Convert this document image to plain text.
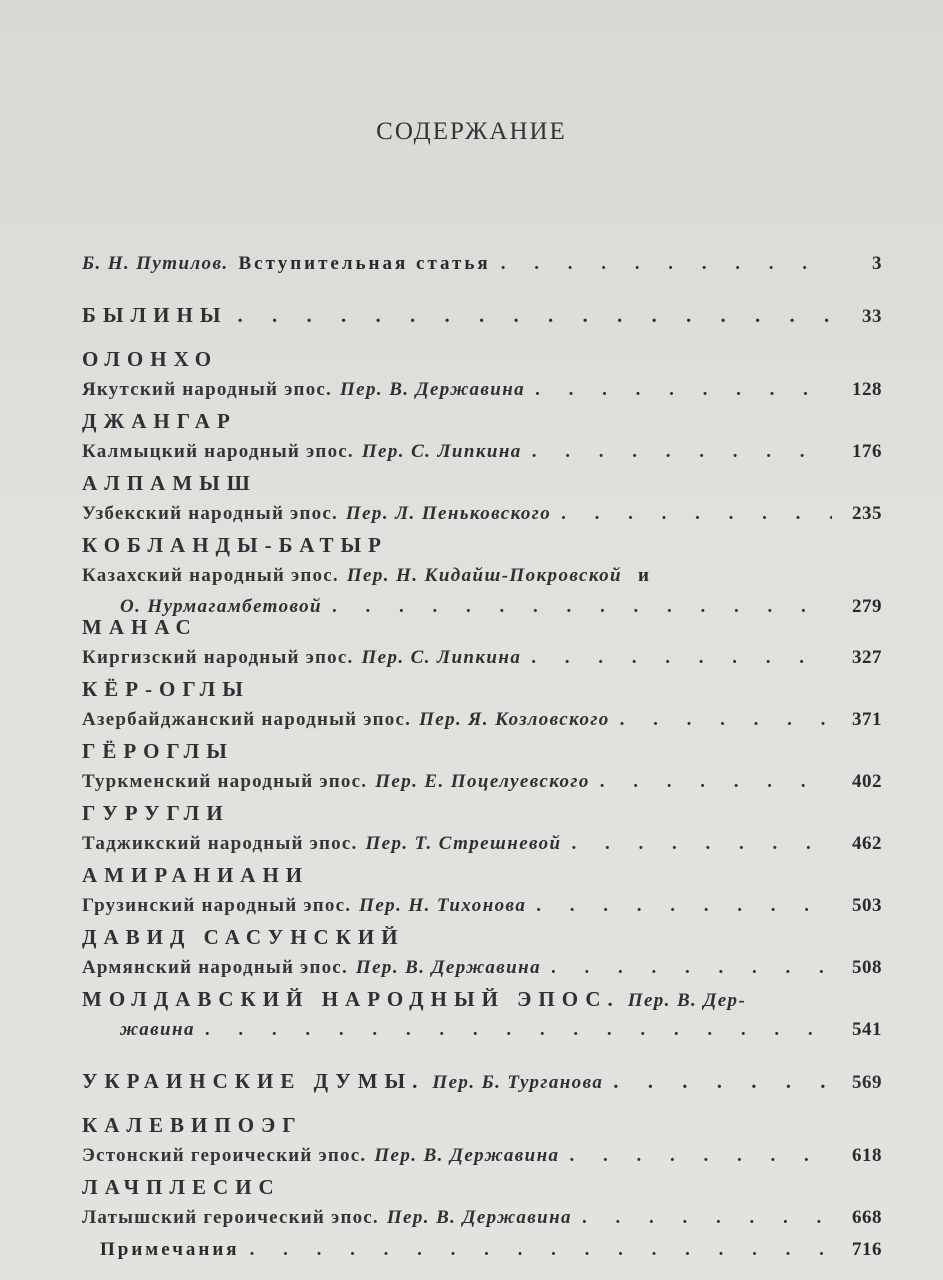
СОДЕРЖАНИЕ
Б. Н. Путилов. Вступительная статья . . .	3
БЫЛИНЫ . . .	33
ОЛОНХО
Якутский народный эпос. Пер. В. Державина . . .	128
ДЖАНГАР
Калмыцкий народный эпос. Пер. С. Липкина . . .	176
АЛПАМЫШ
Узбекский народный эпос. Пер. Л. Пеньковского . . .	235
КОБЛАНДЫ-БАТЫР
Казахский народный эпос. Пер. Н. Кидайш-Покровской и
О. Нурмагамбетовой . . .	279
МАНАС
Киргизский народный эпос. Пер. С. Липкина . . .	327
КЁР-ОГЛЫ
Азербайджанский народный эпос. Пер. Я. Козловского . . .	371
ГЁРОГЛЫ
Туркменский народный эпос. Пер. Е. Поцелуевского . . .	402
ГУРУГЛИ
Таджикский народный эпос. Пер. Т. Стрешневой . . .	462
АМИРАНИАНИ
Грузинский народный эпос. Пер. Н. Тихонова . . .	503
ДАВИД САСУНСКИЙ
Армянский народный эпос. Пер. В. Державина . . .	508
МОЛДАВСКИЙ НАРОДНЫЙ ЭПОС. Пер. В. Дер-
жавина . . .	541
УКРАИНСКИЕ ДУМЫ. Пер. Б. Турганова . . .	569
КАЛЕВИПОЭГ
Эстонский героический эпос. Пер. В. Державина . . .	618
ЛАЧПЛЕСИС
Латышский героический эпос. Пер. В. Державина . . .	668
Примечания . . .	716
